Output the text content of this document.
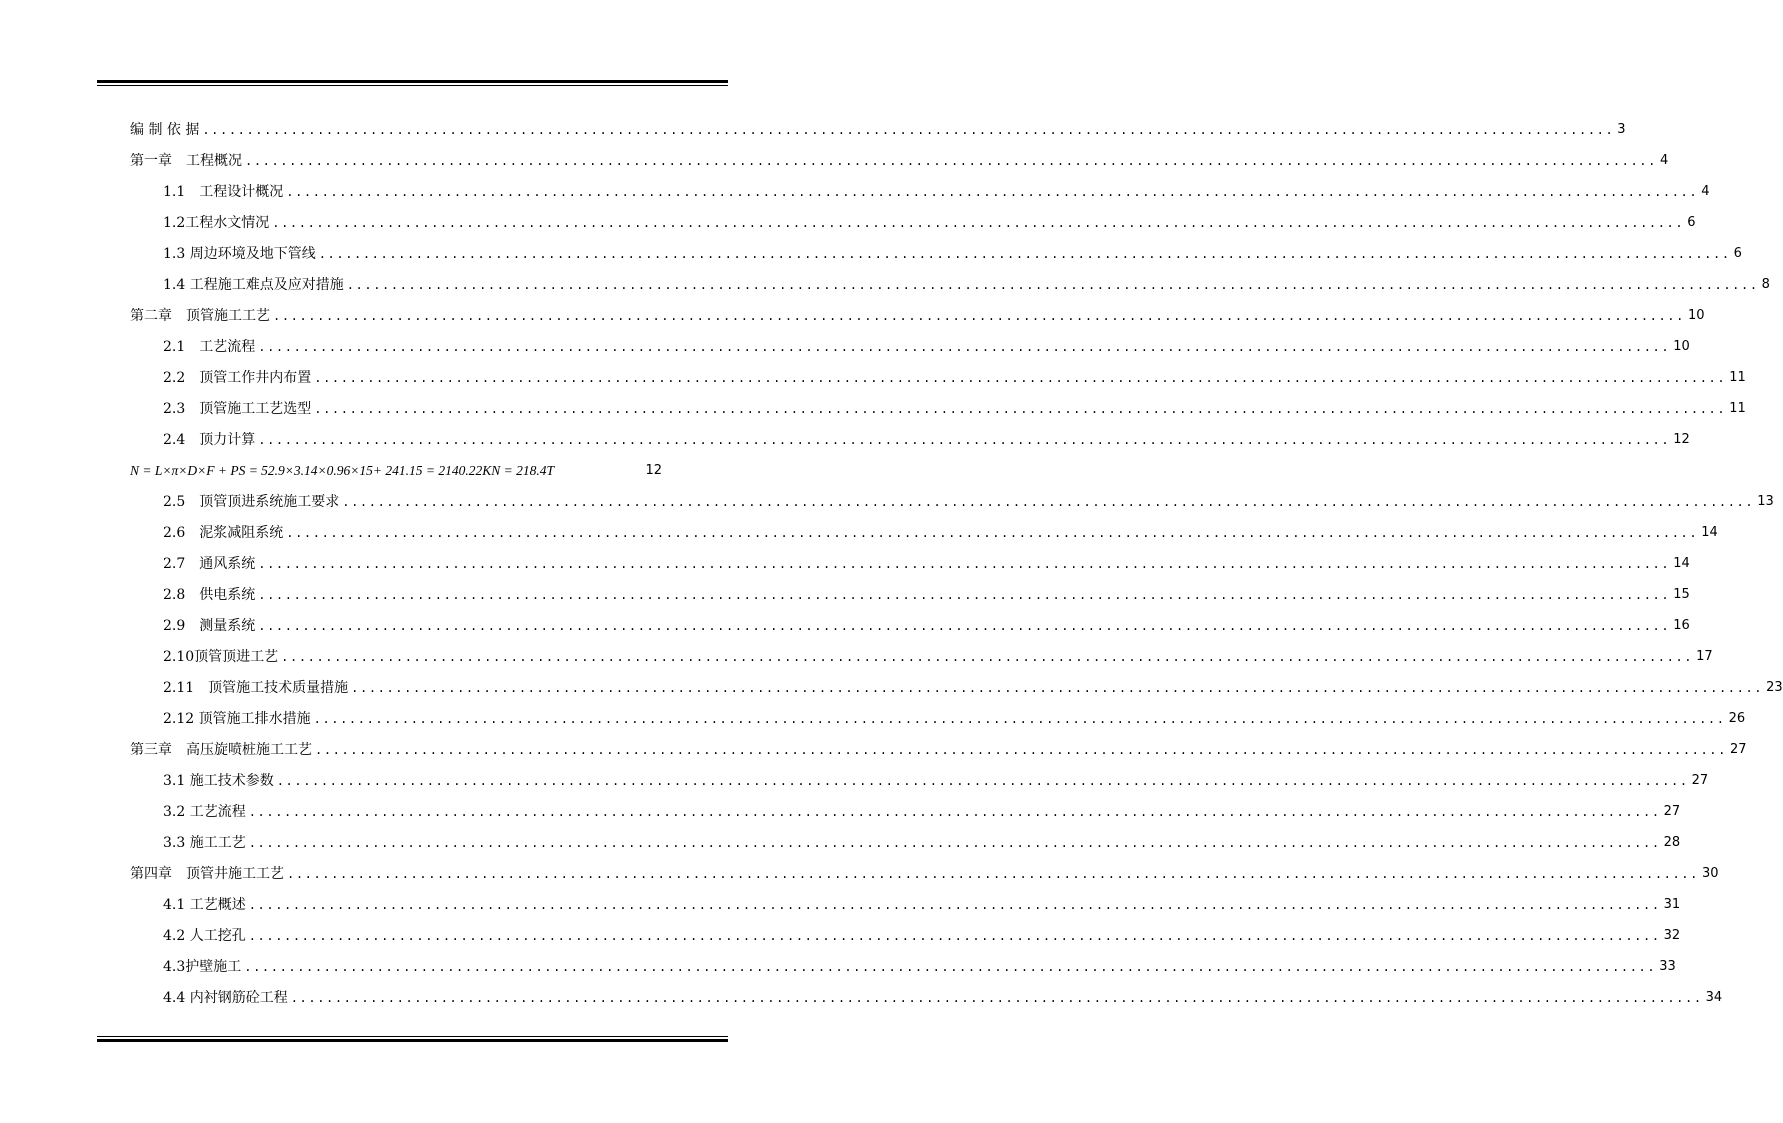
编 制 依 据 ................................................................................................................................................................ 3
第一章　工程概况 ................................................................................................................................................................ 4
1.1　工程设计概况 ................................................................................................................................................................ 4
1.2工程水文情况 ................................................................................................................................................................ 6
1.3 周边环境及地下管线 ................................................................................................................................................................ 6
1.4 工程施工难点及应对措施 ................................................................................................................................................................ 8
第二章　顶管施工工艺 ................................................................................................................................................................ 10
2.1　工艺流程 ................................................................................................................................................................ 10
2.2　顶管工作井内布置 ................................................................................................................................................................ 11
2.3　顶管施工工艺选型 ................................................................................................................................................................ 11
2.4　顶力计算 ................................................................................................................................................................ 12
N = L×π×D×F + PS = 52.9×3.14×0.96×15+ 241.15 = 2140.22KN = 218.4T	12
2.5　顶管顶进系统施工要求 ................................................................................................................................................................ 13
2.6　泥浆减阻系统 ................................................................................................................................................................ 14
2.7　通风系统 ................................................................................................................................................................ 14
2.8　供电系统 ................................................................................................................................................................ 15
2.9　测量系统 ................................................................................................................................................................ 16
2.10顶管顶进工艺 ................................................................................................................................................................ 17
2.11　顶管施工技术质量措施 ................................................................................................................................................................ 23
2.12 顶管施工排水措施 ................................................................................................................................................................ 26
第三章　高压旋喷桩施工工艺 ................................................................................................................................................................ 27
3.1 施工技术参数 ................................................................................................................................................................ 27
3.2 工艺流程 ................................................................................................................................................................ 27
3.3 施工工艺 ................................................................................................................................................................ 28
第四章　顶管井施工工艺 ................................................................................................................................................................ 30
4.1 工艺概述 ................................................................................................................................................................ 31
4.2 人工挖孔 ................................................................................................................................................................ 32
4.3护壁施工 ................................................................................................................................................................ 33
4.4 内衬钢筋砼工程 ................................................................................................................................................................ 34
